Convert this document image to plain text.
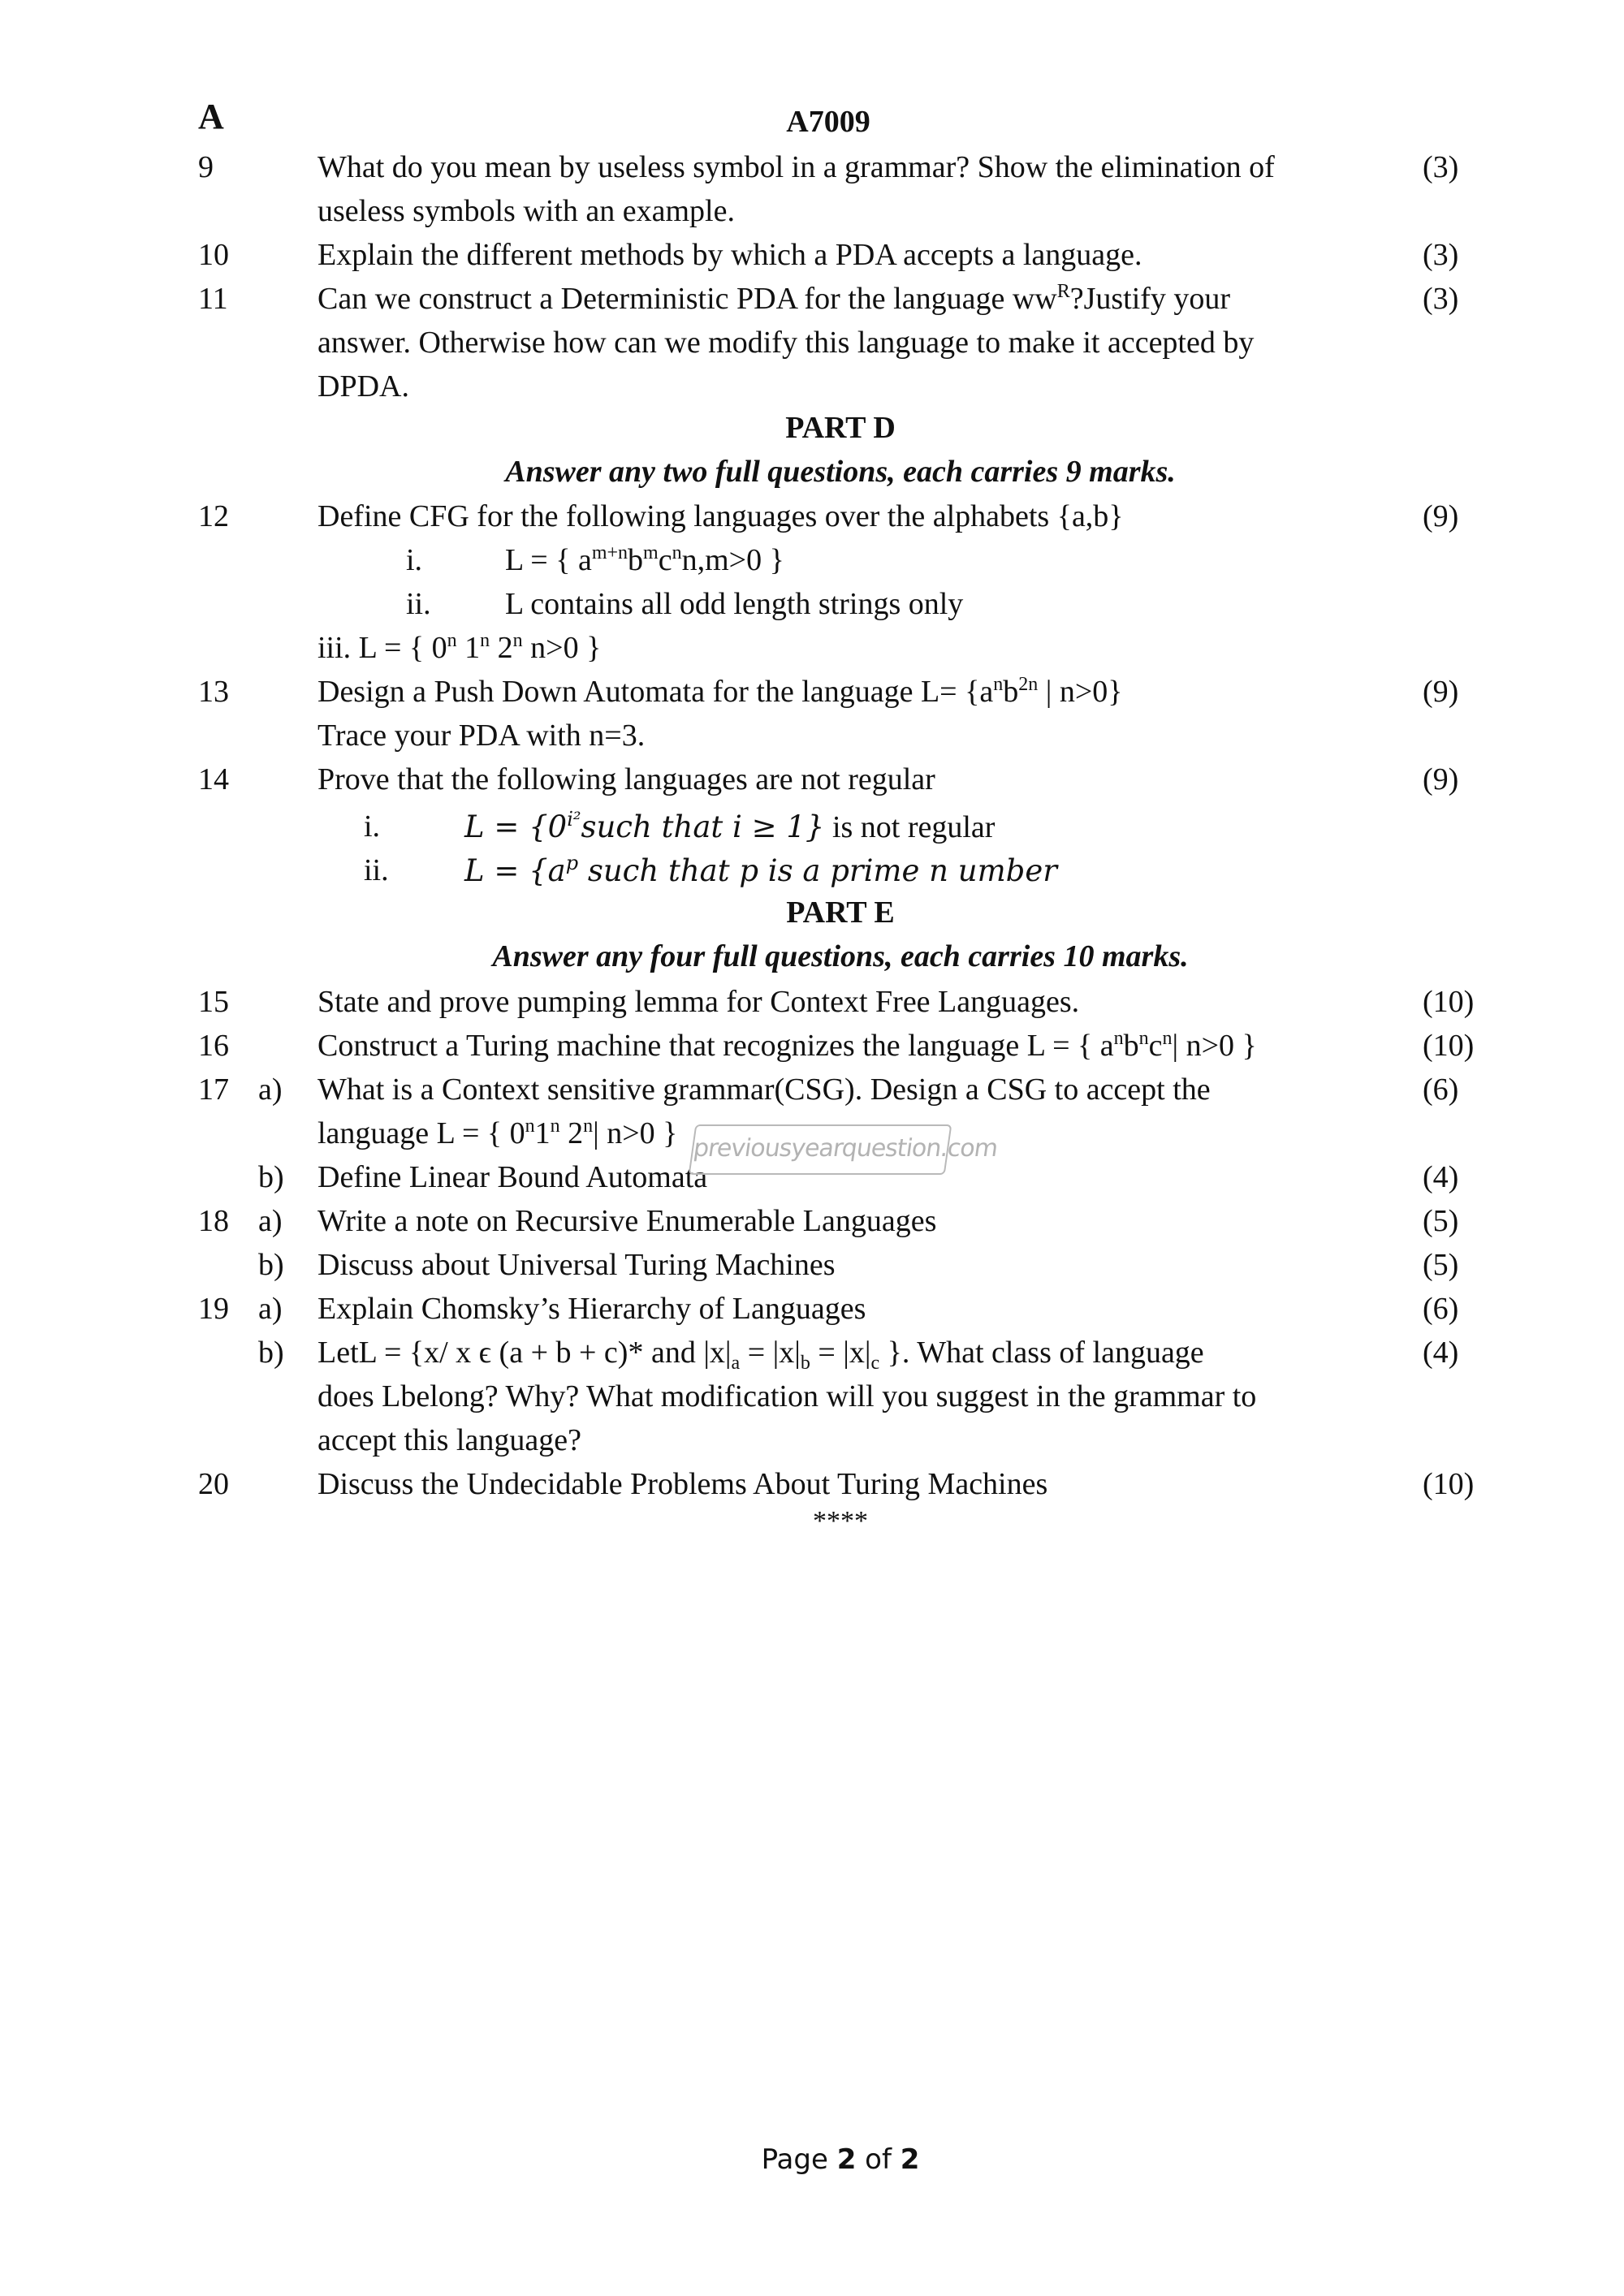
A	A7009
9	What do you mean by useless symbol in a grammar? Show the elimination of	(3)
useless symbols with an example.
10	Explain the different methods by which a PDA accepts a language.	(3)
11	Can we construct a Deterministic PDA for the language $ww^R?Justify$ your	(3)
answer. Otherwise how can we modify this language to make it accepted by
DPDA.
PART D
Answer any two full questions, each carries 9 marks.
12	Define CFG for the following languages over the alphabets {a,b}	(9)
i.	L = { $a^{m+n}b^mc^nn,m>0$ }
ii. L contains all odd length strings only
iii. L = { 0$^n$ 1$^n$ 2$^n$ n>0 }
13	Design a Push Down Automata for the language $L= \{a^nb^{2n}$ | n>0}	(9)
Trace your PDA with n=3.
14	Prove that the following languages are not regular	(9)
i.	$L = \{0^{i^2}such$ that i ≥ 1} is not regular
ii.	$L = \{a^p$ such that p is a prime n umber
PART E
Answer any four full questions, each carries 10 marks.
15	State and prove pumping lemma for Context Free Languages.	(10)
16	Construct a Turing machine that recognizes the language L = { $a^nb^nc^n|$ n>0 }	(10)
17 a)	What is a Context sensitive grammar(CSG). Design a CSG to accept the	(6)
language L = { 0$^n$1$^n$ 2$^n$| n>0 }
b)	Define Linear Bound Automata	(4)
18 a)	Write a note on Recursive Enumerable Languages	(5)
b)	Discuss about Universal Turing Machines	(5)
19 a)	Explain Chomsky’s Hierarchy of Languages	(6)
b)	LetL = {x/ x ϵ (a + b + c)* and $|x|_a = |x|_b = |x|_c$ }. What class of language	(4)
does Lbelong? Why? What modification will you suggest in the grammar to
accept this language?
20	Discuss the Undecidable Problems About Turing Machines	(10)
****
previousyearquestion.com
Page 2 of 2
